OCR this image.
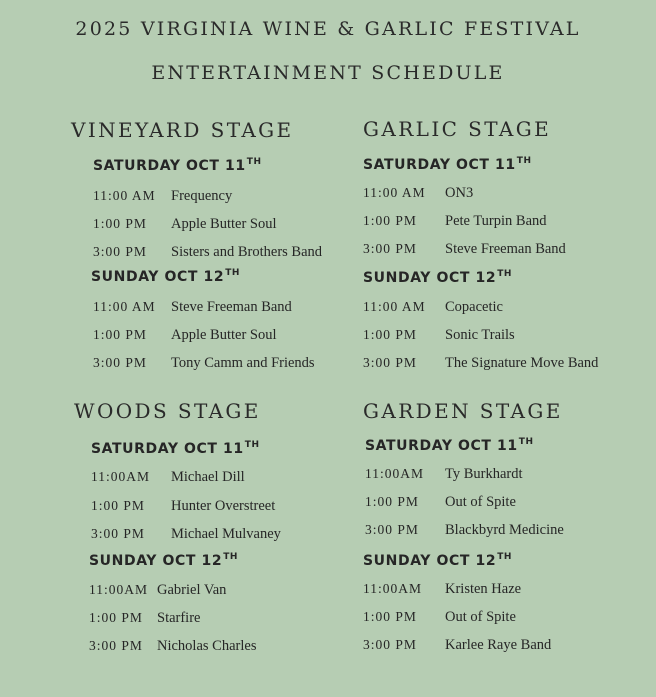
2025 VIRGINIA WINE & GARLIC FESTIVAL
ENTERTAINMENT SCHEDULE
VINEYARD STAGE
SATURDAY OCT 11TH
11:00 AM Frequency
1:00 PM Apple Butter Soul
3:00 PM Sisters and Brothers Band
SUNDAY OCT 12TH
11:00 AM Steve Freeman Band
1:00 PM Apple Butter Soul
3:00 PM Tony Camm and Friends
GARLIC STAGE
SATURDAY OCT 11TH
11:00 AM ON3
1:00 PM Pete Turpin Band
3:00 PM Steve Freeman Band
SUNDAY OCT 12TH
11:00 AM Copacetic
1:00 PM Sonic Trails
3:00 PM The Signature Move Band
WOODS STAGE
SATURDAY OCT 11TH
11:00AM Michael Dill
1:00 PM Hunter Overstreet
3:00 PM Michael Mulvaney
SUNDAY OCT 12TH
11:00AM Gabriel Van
1:00 PM Starfire
3:00 PM Nicholas Charles
GARDEN STAGE
SATURDAY OCT 11TH
11:00AM Ty Burkhardt
1:00 PM Out of Spite
3:00 PM Blackbyrd Medicine
SUNDAY OCT 12TH
11:00AM Kristen Haze
1:00 PM Out of Spite
3:00 PM Karlee Raye Band
